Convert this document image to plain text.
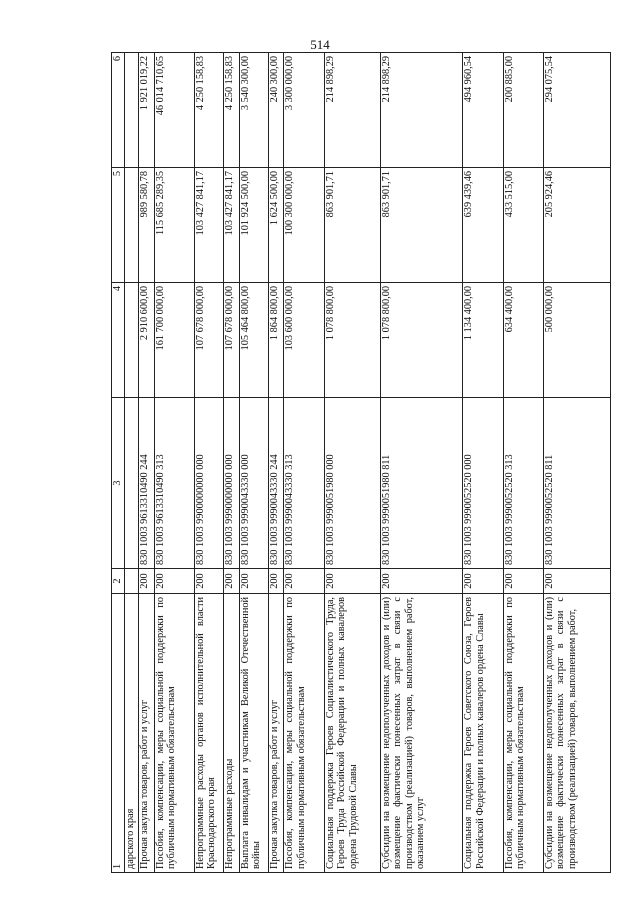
514
1	2	3	4	5	6
дарского края					
Прочая закупка товаров, работ и услуг	200	830 1003 9613310490 244	2 910 600,00	989 580,78	1 921 019,22
Пособия, компенсации, меры социальной поддержки по публичным нормативным обязательствам	200	830 1003 9613310490 313	161 700 000,00	115 685 289,35	46 014 710,65
Непрограммные расходы органов исполнительной власти Краснодарского края	200	830 1003 9900000000 000	107 678 000,00	103 427 841,17	4 250 158,83
Непрограммные расходы	200	830 1003 9990000000 000	107 678 000,00	103 427 841,17	4 250 158,83
Выплата инвалидам и участникам Великой Отечественной войны	200	830 1003 9990043330 000	105 464 800,00	101 924 500,00	3 540 300,00
Прочая закупка товаров, работ и услуг	200	830 1003 9990043330 244	1 864 800,00	1 624 500,00	240 300,00
Пособия, компенсации, меры социальной поддержки по публичным нормативным обязательствам	200	830 1003 9990043330 313	103 600 000,00	100 300 000,00	3 300 000,00
Социальная поддержка Героев Социалистического Труда, Героев Труда Российской Федерации и полных кавалеров ордена Трудовой Славы	200	830 1003 9990051980 000	1 078 800,00	863 901,71	214 898,29
Субсидии на возмещение недополученных доходов и (или) возмещение фактически понесенных затрат в связи с производством (реализацией) товаров, выполнением работ, оказанием услуг	200	830 1003 9990051980 811	1 078 800,00	863 901,71	214 898,29
Социальная поддержка Героев Советского Союза, Героев Российской Федерации и полных кавалеров ордена Славы	200	830 1003 9990052520 000	1 134 400,00	639 439,46	494 960,54
Пособия, компенсации, меры социальной поддержки по публичным нормативным обязательствам	200	830 1003 9990052520 313	634 400,00	433 515,00	200 885,00
Субсидии на возмещение недополученных доходов и (или) возмещение фактически понесенных затрат в связи с производством (реализацией) товаров, выполнением работ,	200	830 1003 9990052520 811	500 000,00	205 924,46	294 075,54
